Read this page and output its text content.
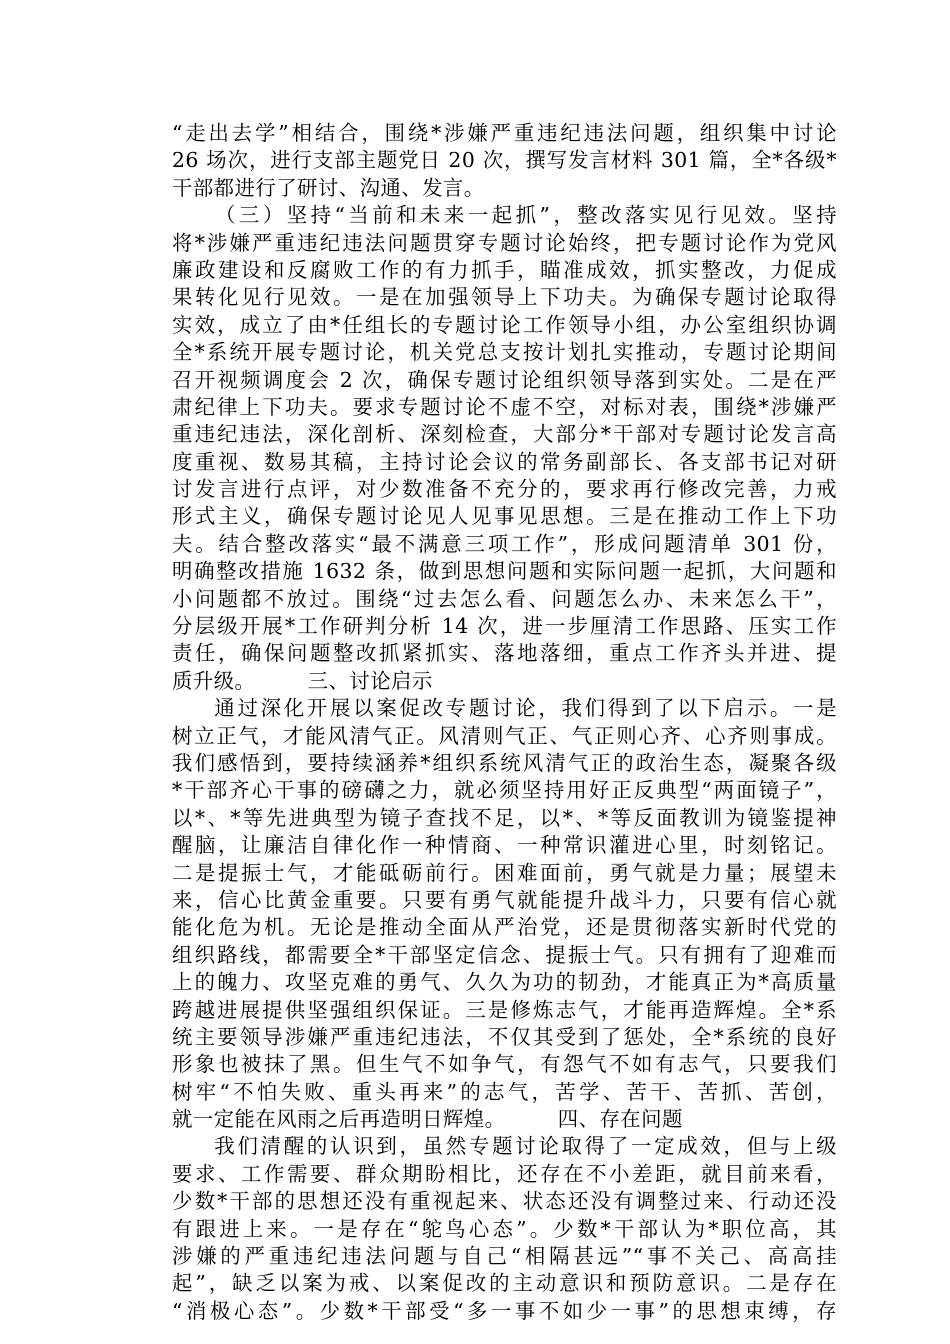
“走出去学”相结合，围绕*涉嫌严重违纪违法问题，组织集中讨论
26 场次，进行支部主题党日 20 次，撰写发言材料 301 篇，全*各级*
干部都进行了研讨、沟通、发言。
（三）坚持“当前和未来一起抓”，整改落实见行见效。坚持
将*涉嫌严重违纪违法问题贯穿专题讨论始终，把专题讨论作为党风
廉政建设和反腐败工作的有力抓手，瞄准成效，抓实整改，力促成
果转化见行见效。一是在加强领导上下功夫。为确保专题讨论取得
实效，成立了由*任组长的专题讨论工作领导小组，办公室组织协调
全*系统开展专题讨论，机关党总支按计划扎实推动，专题讨论期间
召开视频调度会 2 次，确保专题讨论组织领导落到实处。二是在严
肃纪律上下功夫。要求专题讨论不虚不空，对标对表，围绕*涉嫌严
重违纪违法，深化剖析、深刻检查，大部分*干部对专题讨论发言高
度重视、数易其稿，主持讨论会议的常务副部长、各支部书记对研
讨发言进行点评，对少数准备不充分的，要求再行修改完善，力戒
形式主义，确保专题讨论见人见事见思想。三是在推动工作上下功
夫。结合整改落实“最不满意三项工作”，形成问题清单 301 份，
明确整改措施 1632 条，做到思想问题和实际问题一起抓，大问题和
小问题都不放过。围绕“过去怎么看、问题怎么办、未来怎么干”，
分层级开展*工作研判分析 14 次，进一步厘清工作思路、压实工作
责任，确保问题整改抓紧抓实、落地落细，重点工作齐头并进、提
质升级。　　　三、讨论启示
通过深化开展以案促改专题讨论，我们得到了以下启示。一是
树立正气，才能风清气正。风清则气正、气正则心齐、心齐则事成。
我们感悟到，要持续涵养*组织系统风清气正的政治生态，凝聚各级
*干部齐心干事的磅礴之力，就必须坚持用好正反典型“两面镜子”，
以*、*等先进典型为镜子查找不足，以*、*等反面教训为镜鉴提神
醒脑，让廉洁自律化作一种情商、一种常识灌进心里，时刻铭记。
二是提振士气，才能砥砺前行。困难面前，勇气就是力量；展望未
来，信心比黄金重要。只要有勇气就能提升战斗力，只要有信心就
能化危为机。无论是推动全面从严治党，还是贯彻落实新时代党的
组织路线，都需要全*干部坚定信念、提振士气。只有拥有了迎难而
上的魄力、攻坚克难的勇气、久久为功的韧劲，才能真正为*高质量
跨越进展提供坚强组织保证。三是修炼志气，才能再造辉煌。全*系
统主要领导涉嫌严重违纪违法，不仅其受到了惩处，全*系统的良好
形象也被抹了黑。但生气不如争气，有怨气不如有志气，只要我们
树牢“不怕失败、重头再来”的志气，苦学、苦干、苦抓、苦创，
就一定能在风雨之后再造明日辉煌。　　　四、存在问题
我们清醒的认识到，虽然专题讨论取得了一定成效，但与上级
要求、工作需要、群众期盼相比，还存在不小差距，就目前来看，
少数*干部的思想还没有重视起来、状态还没有调整过来、行动还没
有跟进上来。一是存在“鸵鸟心态”。少数*干部认为*职位高，其
涉嫌的严重违纪违法问题与自己“相隔甚远”“事不关己、高高挂
起”，缺乏以案为戒、以案促改的主动意识和预防意识。二是存在
“消极心态”。少数*干部受“多一事不如少一事”的思想束缚，存
